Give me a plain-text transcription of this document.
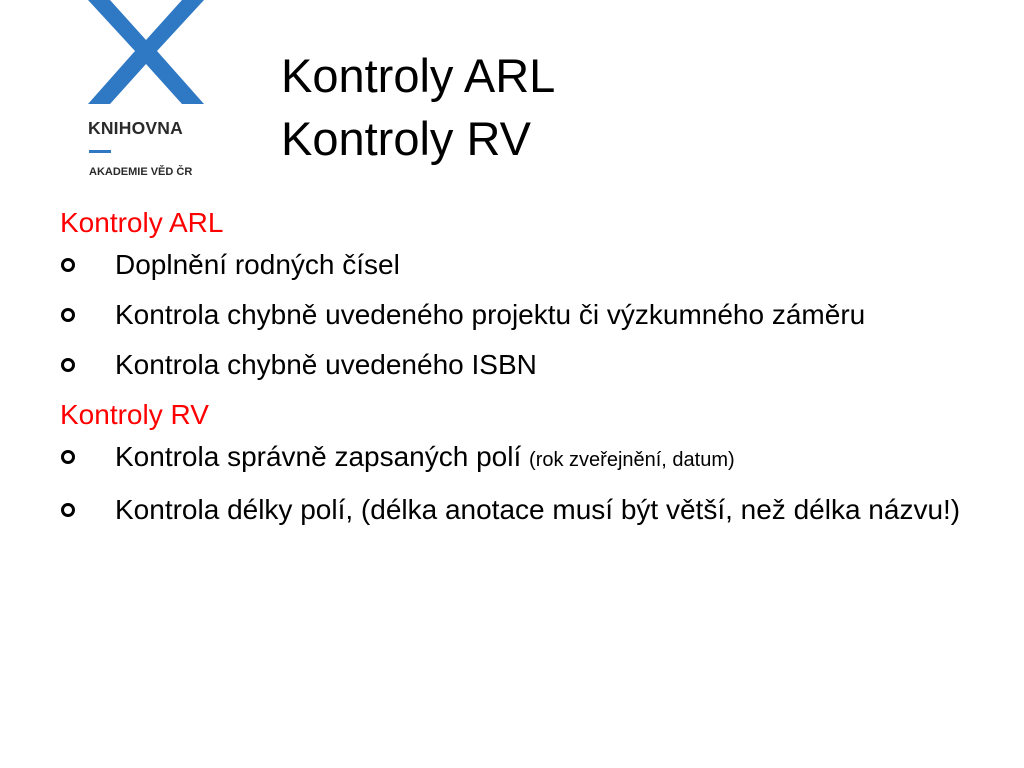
KNIHOVNA
AKADEMIE VĚD ČR
Kontroly ARL
Kontroly RV
Kontroly ARL
Doplnění rodných čísel
Kontrola chybně uvedeného projektu či výzkumného záměru
Kontrola chybně uvedeného ISBN
Kontroly RV
Kontrola správně zapsaných polí (rok zveřejnění, datum)
Kontrola délky polí, (délka anotace musí být větší, než délka názvu!)
